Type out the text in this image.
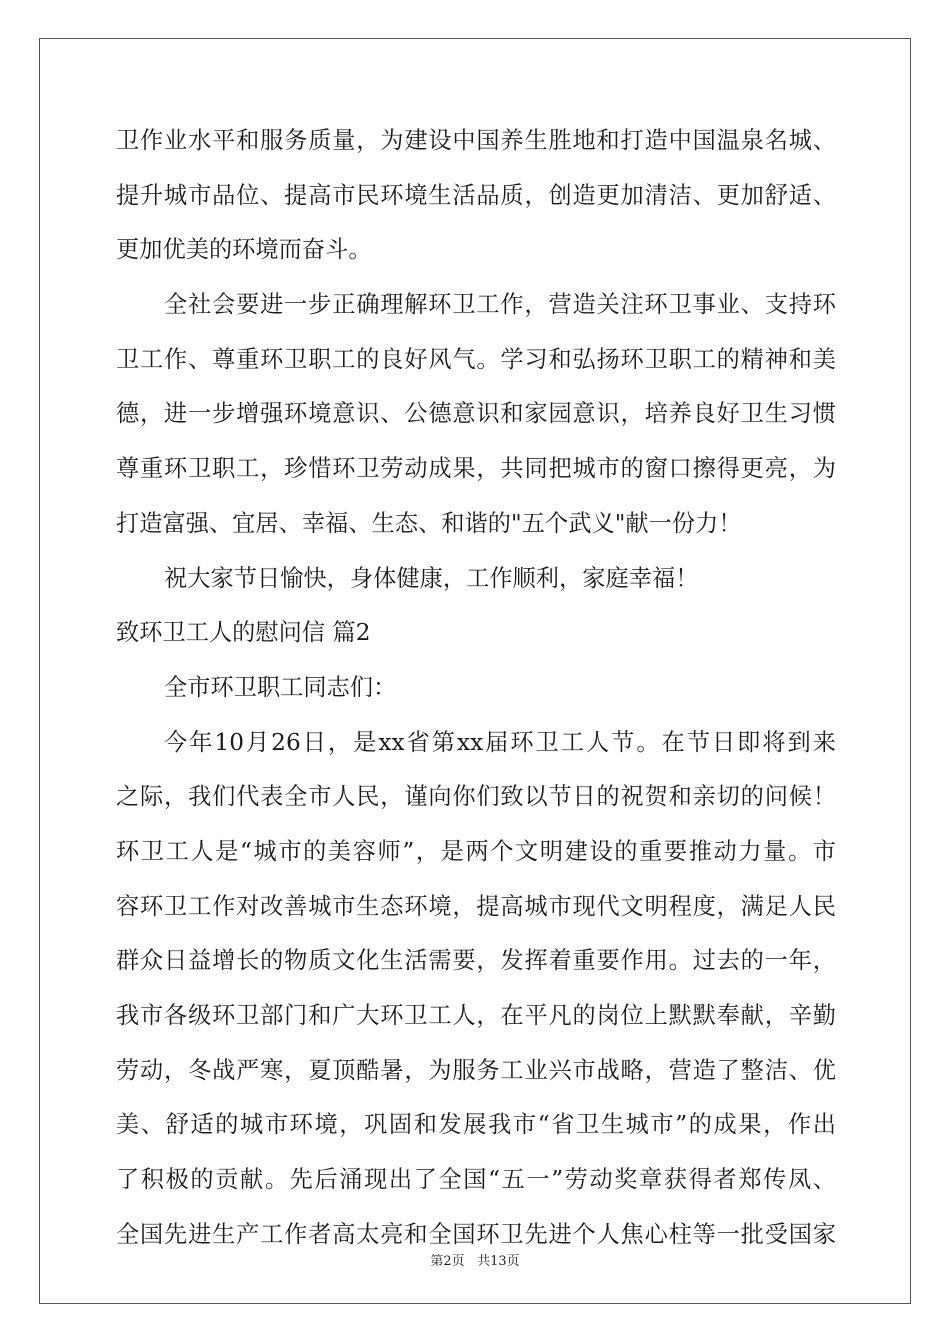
卫作业水平和服务质量，为建设中国养生胜地和打造中国温泉名城、
提升城市品位、提高市民环境生活品质，创造更加清洁、更加舒适、
更加优美的环境而奋斗。
全社会要进一步正确理解环卫工作，营造关注环卫事业、支持环
卫工作、尊重环卫职工的良好风气。学习和弘扬环卫职工的精神和美
德，进一步增强环境意识、公德意识和家园意识，培养良好卫生习惯
尊重环卫职工，珍惜环卫劳动成果，共同把城市的窗口擦得更亮，为
打造富强、宜居、幸福、生态、和谐的"五个武义"献一份力！
祝大家节日愉快，身体健康，工作顺利，家庭幸福！
致环卫工人的慰问信 篇2
全市环卫职工同志们：
今年10月26日，是xx省第xx届环卫工人节。在节日即将到来
之际，我们代表全市人民，谨向你们致以节日的祝贺和亲切的问候！
环卫工人是“城市的美容师”，是两个文明建设的重要推动力量。市
容环卫工作对改善城市生态环境，提高城市现代文明程度，满足人民
群众日益增长的物质文化生活需要，发挥着重要作用。过去的一年，
我市各级环卫部门和广大环卫工人，在平凡的岗位上默默奉献，辛勤
劳动，冬战严寒，夏顶酷暑，为服务工业兴市战略，营造了整洁、优
美、舒适的城市环境，巩固和发展我市“省卫生城市”的成果，作出
了积极的贡献。先后涌现出了全国“五一”劳动奖章获得者郑传凤、
全国先进生产工作者高太亮和全国环卫先进个人焦心柱等一批受国家
第2页 共13页
